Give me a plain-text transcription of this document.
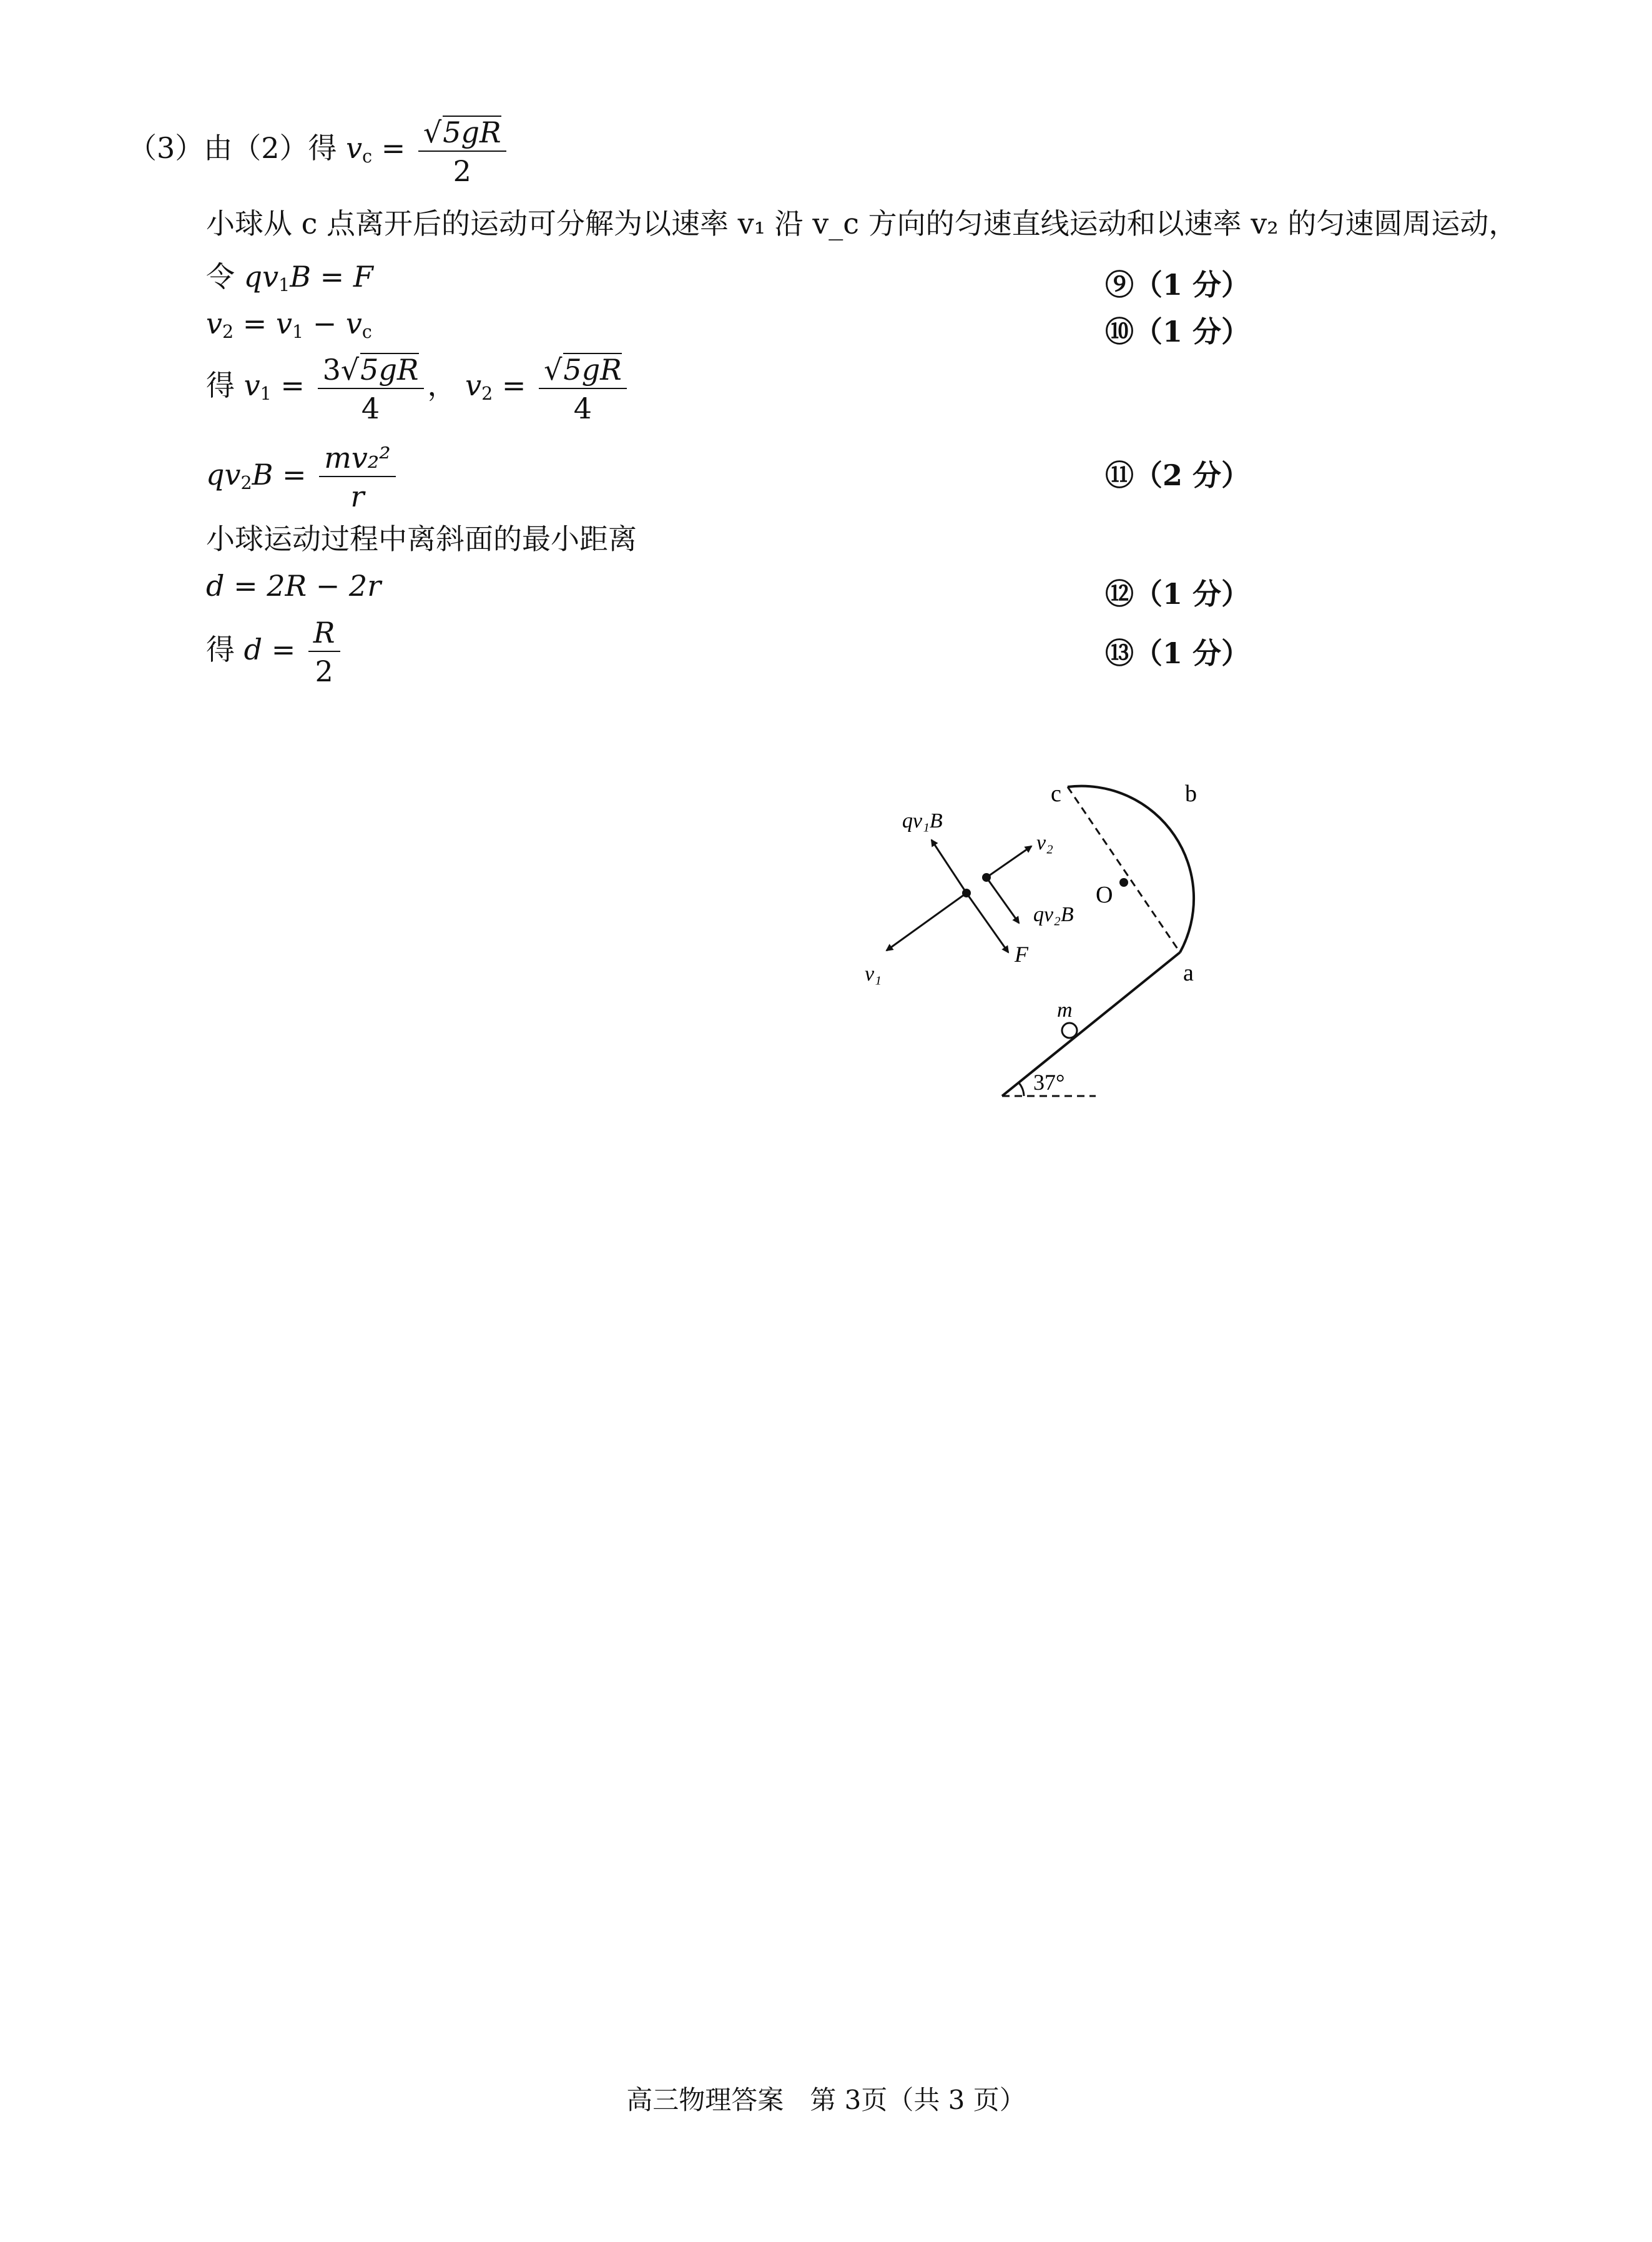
（3）由（2）得 $v_c = \frac{√5gR}{2}$
小球从 c 点离开后的运动可分解为以速率 v₁ 沿 v_c 方向的匀速直线运动和以速率 v₂ 的匀速圆周运动，
令 $qv_1B = F$	⑨（1 分）
$v_2 = v_1 - v_c$	⑩（1 分）
得 $v_1 = \frac{3√5gR}{4}$ ， $v_2 = \frac{√5gR}{4}$
$qv_2B = \frac{\text{mv₂²}}{r}$	⑪（2 分）
小球运动过程中离斜面的最小距离
d = 2R − 2r	⑫（1 分）
得 $d = \frac{R}{2}$	⑬（1 分）
37°
c	b
O
a
m
qv₁B
v₂
qv₂B
v₁
F
高三物理答案　第 3页（共 3 页）
